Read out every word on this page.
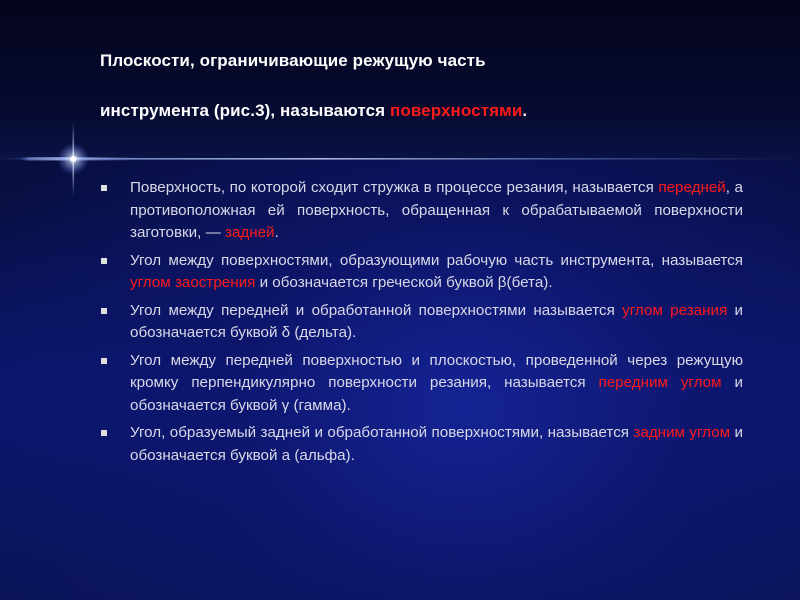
Плоскости, ограничивающие режущую часть
инструмента (рис.3), называются поверхностями.
Поверхность, по которой сходит стружка в процессе резания, называется передней, а противоположная ей поверхность, обращенная к обрабатываемой поверхности заготовки, — задней.
Угол между поверхностями, образующими рабочую часть инструмента, называется углом заострения и обозначается греческой буквой β(бета).
Угол между передней и обработанной поверхностями называется углом резания и обозначается буквой δ (дельта).
Угол между передней поверхностью и плоскостью, проведенной через режущую кромку перпендикулярно поверхности резания, называется передним углом и обозначается буквой γ (гамма).
Угол, образуемый задней и обработанной поверхностями, называется задним углом и обозначается буквой а (альфа).
